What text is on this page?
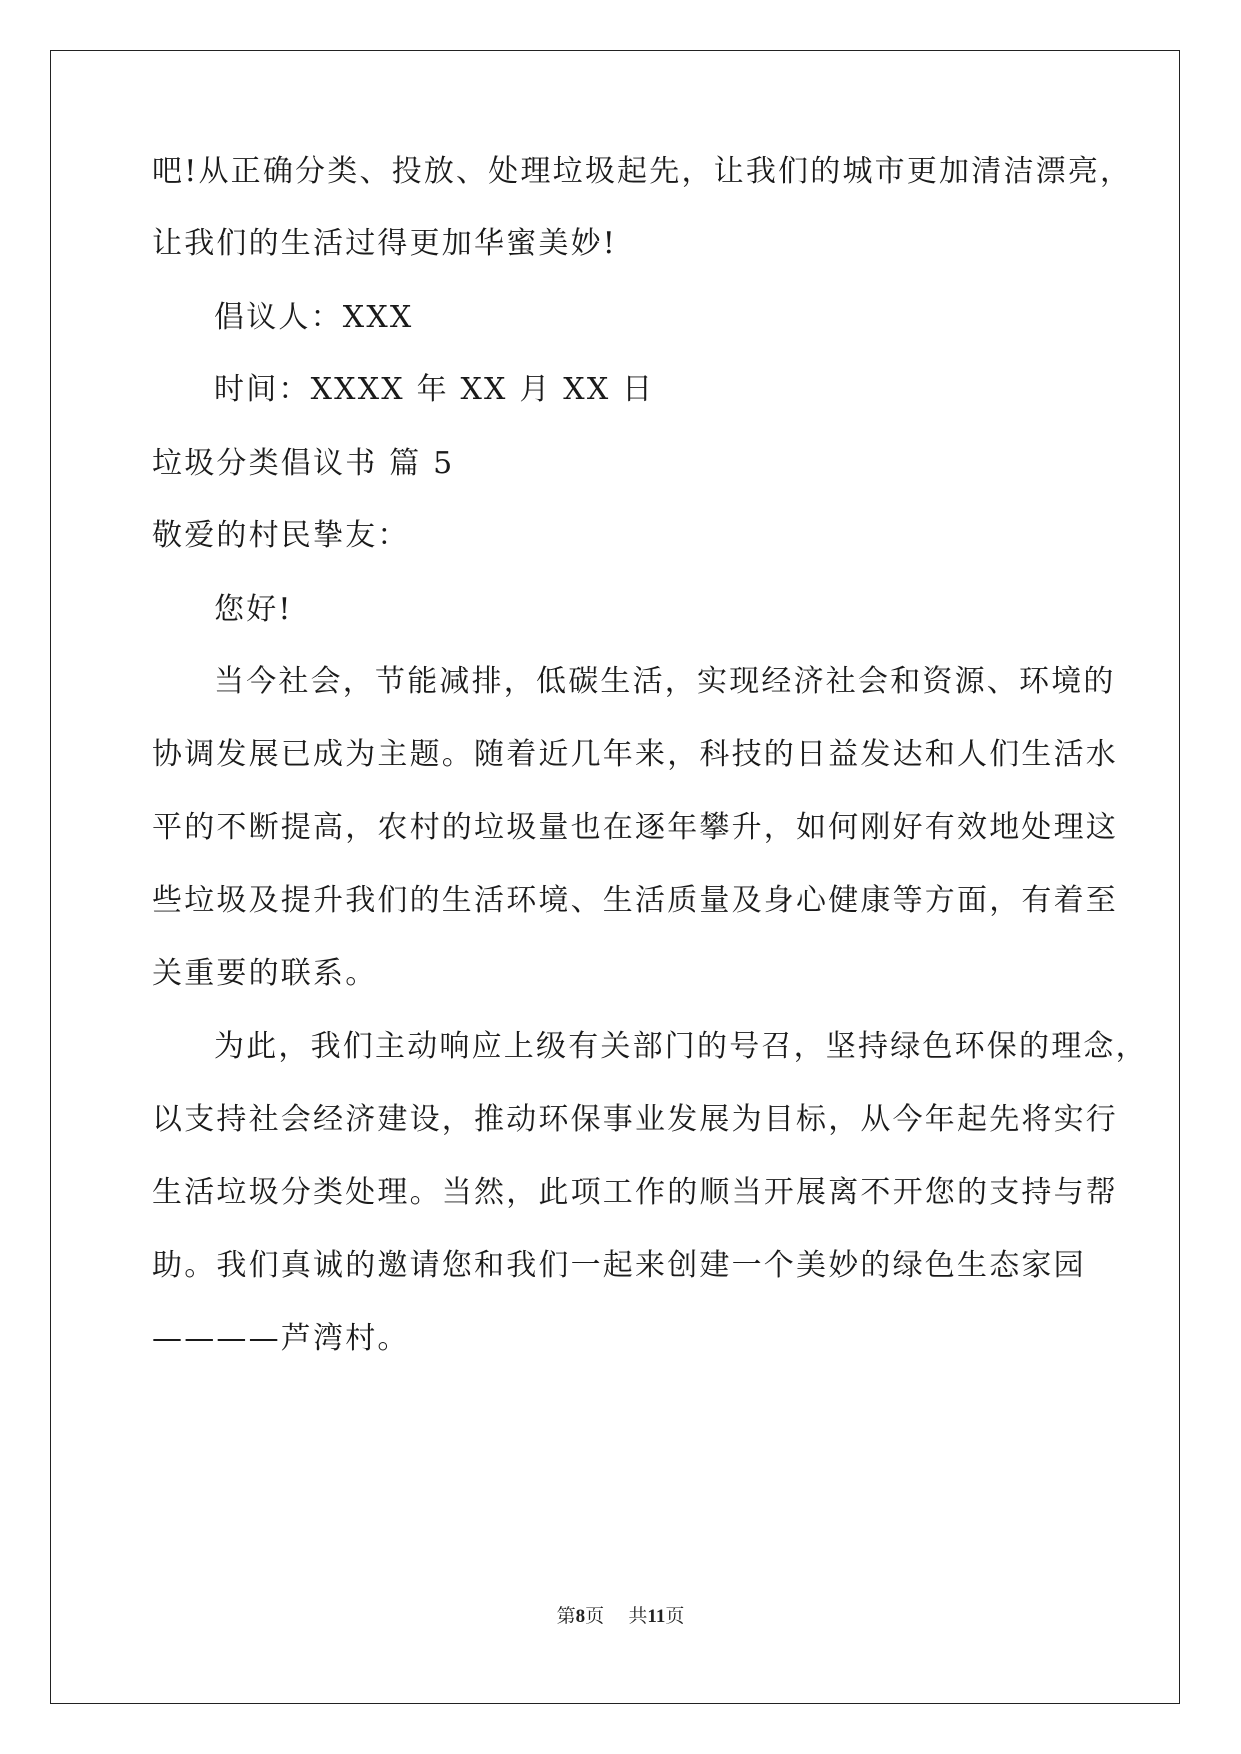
吧!从正确分类、投放、处理垃圾起先，让我们的城市更加清洁漂亮，
让我们的生活过得更加华蜜美妙!
倡议人：XXX
时间：XXXX 年 XX 月 XX 日
垃圾分类倡议书 篇 5
敬爱的村民挚友：
您好!
当今社会，节能减排，低碳生活，实现经济社会和资源、环境的
协调发展已成为主题。随着近几年来，科技的日益发达和人们生活水
平的不断提高，农村的垃圾量也在逐年攀升，如何刚好有效地处理这
些垃圾及提升我们的生活环境、生活质量及身心健康等方面，有着至
关重要的联系。
为此，我们主动响应上级有关部门的号召，坚持绿色环保的理念，
以支持社会经济建设，推动环保事业发展为目标，从今年起先将实行
生活垃圾分类处理。当然，此项工作的顺当开展离不开您的支持与帮
助。我们真诚的邀请您和我们一起来创建一个美妙的绿色生态家园
————芦湾村。
第8页 共11页
